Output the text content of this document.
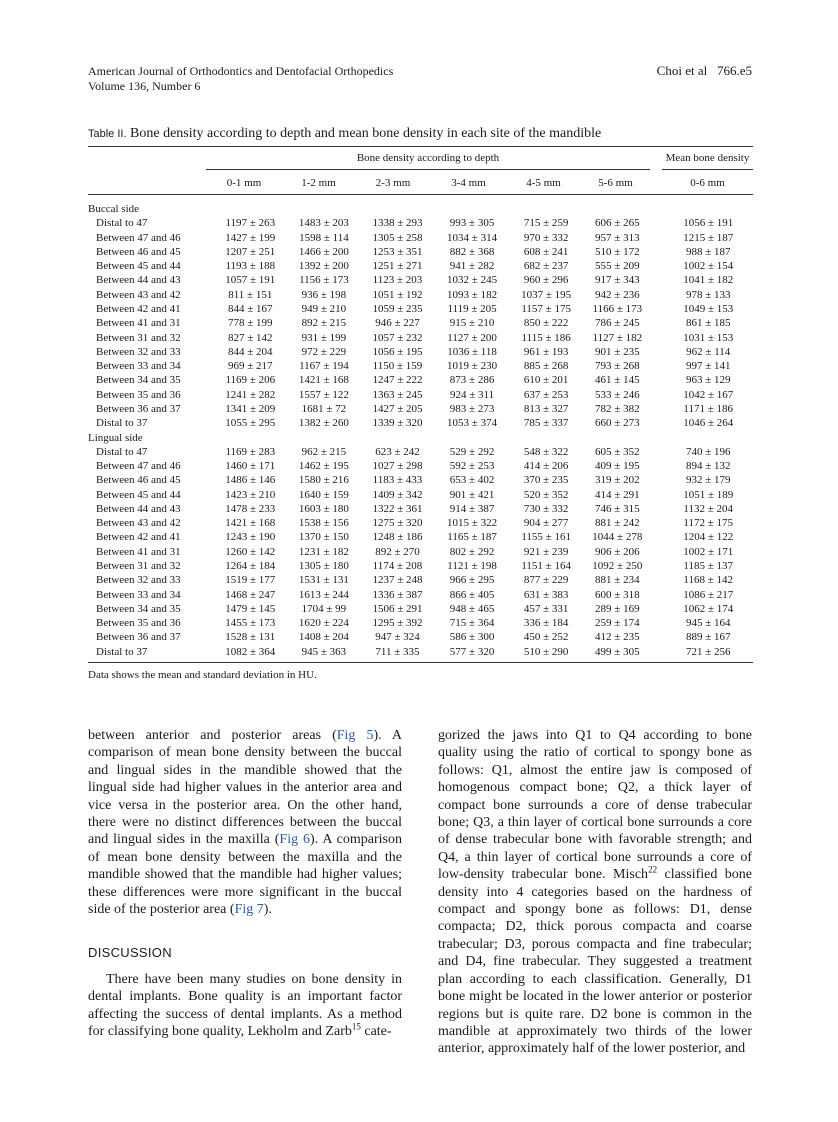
American Journal of Orthodontics and Dentofacial Orthopedics
Volume 136, Number 6
Choi et al 766.e5
Table II. Bone density according to depth and mean bone density in each site of the mandible
Bone density according to depth	Mean bone density
0-1 mm	1-2 mm	2-3 mm	3-4 mm	4-5 mm	5-6 mm	0-6 mm
Buccal side							
Distal to 47	1197 ± 263	1483 ± 203	1338 ± 293	993 ± 305	715 ± 259	606 ± 265	1056 ± 191
Between 47 and 46	1427 ± 199	1598 ± 114	1305 ± 258	1034 ± 314	970 ± 332	957 ± 313	1215 ± 187
Between 46 and 45	1207 ± 251	1466 ± 200	1253 ± 351	882 ± 368	608 ± 241	510 ± 172	988 ± 187
Between 45 and 44	1193 ± 188	1392 ± 200	1251 ± 271	941 ± 282	682 ± 237	555 ± 209	1002 ± 154
Between 44 and 43	1057 ± 191	1156 ± 173	1123 ± 203	1032 ± 245	960 ± 296	917 ± 343	1041 ± 182
Between 43 and 42	811 ± 151	936 ± 198	1051 ± 192	1093 ± 182	1037 ± 195	942 ± 236	978 ± 133
Between 42 and 41	844 ± 167	949 ± 210	1059 ± 235	1119 ± 205	1157 ± 175	1166 ± 173	1049 ± 153
Between 41 and 31	778 ± 199	892 ± 215	946 ± 227	915 ± 210	850 ± 222	786 ± 245	861 ± 185
Between 31 and 32	827 ± 142	931 ± 199	1057 ± 232	1127 ± 200	1115 ± 186	1127 ± 182	1031 ± 153
Between 32 and 33	844 ± 204	972 ± 229	1056 ± 195	1036 ± 118	961 ± 193	901 ± 235	962 ± 114
Between 33 and 34	969 ± 217	1167 ± 194	1150 ± 159	1019 ± 230	885 ± 268	793 ± 268	997 ± 141
Between 34 and 35	1169 ± 206	1421 ± 168	1247 ± 222	873 ± 286	610 ± 201	461 ± 145	963 ± 129
Between 35 and 36	1241 ± 282	1557 ± 122	1363 ± 245	924 ± 311	637 ± 253	533 ± 246	1042 ± 167
Between 36 and 37	1341 ± 209	1681 ± 72	1427 ± 205	983 ± 273	813 ± 327	782 ± 382	1171 ± 186
Distal to 37	1055 ± 295	1382 ± 260	1339 ± 320	1053 ± 374	785 ± 337	660 ± 273	1046 ± 264
Lingual side							
Distal to 47	1169 ± 283	962 ± 215	623 ± 242	529 ± 292	548 ± 322	605 ± 352	740 ± 196
Between 47 and 46	1460 ± 171	1462 ± 195	1027 ± 298	592 ± 253	414 ± 206	409 ± 195	894 ± 132
Between 46 and 45	1486 ± 146	1580 ± 216	1183 ± 433	653 ± 402	370 ± 235	319 ± 202	932 ± 179
Between 45 and 44	1423 ± 210	1640 ± 159	1409 ± 342	901 ± 421	520 ± 352	414 ± 291	1051 ± 189
Between 44 and 43	1478 ± 233	1603 ± 180	1322 ± 361	914 ± 387	730 ± 332	746 ± 315	1132 ± 204
Between 43 and 42	1421 ± 168	1538 ± 156	1275 ± 320	1015 ± 322	904 ± 277	881 ± 242	1172 ± 175
Between 42 and 41	1243 ± 190	1370 ± 150	1248 ± 186	1165 ± 187	1155 ± 161	1044 ± 278	1204 ± 122
Between 41 and 31	1260 ± 142	1231 ± 182	892 ± 270	802 ± 292	921 ± 239	906 ± 206	1002 ± 171
Between 31 and 32	1264 ± 184	1305 ± 180	1174 ± 208	1121 ± 198	1151 ± 164	1092 ± 250	1185 ± 137
Between 32 and 33	1519 ± 177	1531 ± 131	1237 ± 248	966 ± 295	877 ± 229	881 ± 234	1168 ± 142
Between 33 and 34	1468 ± 247	1613 ± 244	1336 ± 387	866 ± 405	631 ± 383	600 ± 318	1086 ± 217
Between 34 and 35	1479 ± 145	1704 ± 99	1506 ± 291	948 ± 465	457 ± 331	289 ± 169	1062 ± 174
Between 35 and 36	1455 ± 173	1620 ± 224	1295 ± 392	715 ± 364	336 ± 184	259 ± 174	945 ± 164
Between 36 and 37	1528 ± 131	1408 ± 204	947 ± 324	586 ± 300	450 ± 252	412 ± 235	889 ± 167
Distal to 37	1082 ± 364	945 ± 363	711 ± 335	577 ± 320	510 ± 290	499 ± 305	721 ± 256
Data shows the mean and standard deviation in HU.

between anterior and posterior areas (Fig 5). A comparison of mean bone density between the buccal and lingual sides in the mandible showed that the lingual side had higher values in the anterior area and vice versa in the posterior area. On the other hand, there were no distinct differences between the buccal and lingual sides in the maxilla (Fig 6). A comparison of mean bone density between the maxilla and the mandible showed that the mandible had higher values; these differences were more significant in the buccal side of the posterior area (Fig 7).

DISCUSSION

There have been many studies on bone density in dental implants. Bone quality is an important factor affecting the success of dental implants. As a method for classifying bone quality, Lekholm and Zarb$^{15}$ cate-

gorized the jaws into Q1 to Q4 according to bone quality using the ratio of cortical to spongy bone as follows: Q1, almost the entire jaw is composed of homogenous compact bone; Q2, a thick layer of compact bone surrounds a core of dense trabecular bone; Q3, a thin layer of cortical bone surrounds a core of dense trabecular bone with favorable strength; and Q4, a thin layer of cortical bone surrounds a core of low-density trabecular bone. Misch$^{22}$ classified bone density into 4 categories based on the hardness of compact and spongy bone as follows: D1, dense compacta; D2, thick porous compacta and coarse trabecular; D3, porous compacta and fine trabecular; and D4, fine trabecular. They suggested a treatment plan according to each classification. Generally, D1 bone might be located in the lower anterior or posterior regions but is quite rare. D2 bone is common in the mandible at approximately two thirds of the lower anterior, approximately half of the lower posterior, and
